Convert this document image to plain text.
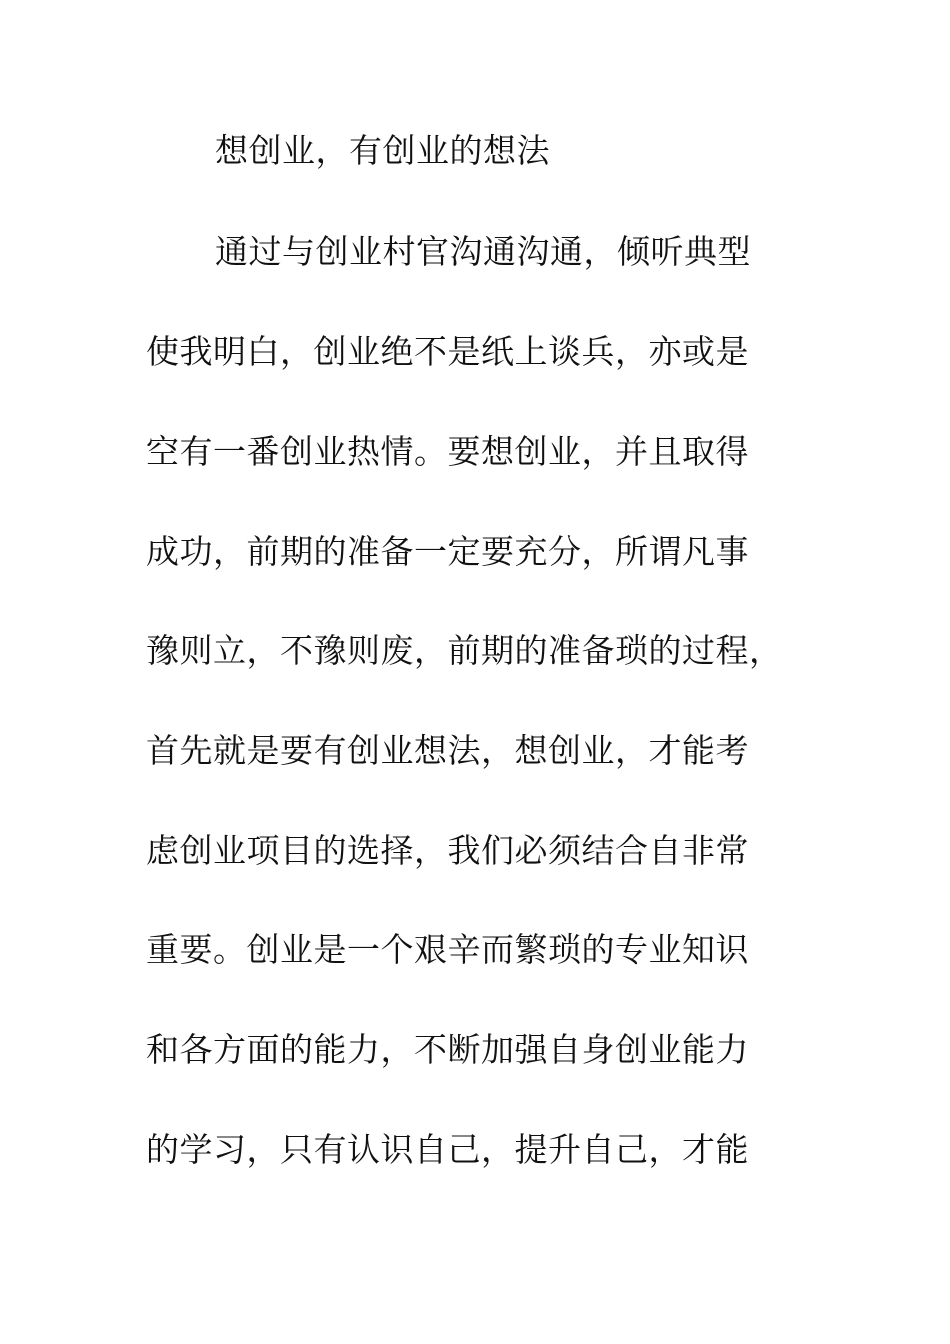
想创业，有创业的想法
通过与创业村官沟通沟通，倾听典型
使我明白，创业绝不是纸上谈兵，亦或是
空有一番创业热情。要想创业，并且取得
成功，前期的准备一定要充分，所谓凡事
豫则立，不豫则废，前期的准备琐的过程，
首先就是要有创业想法，想创业，才能考
虑创业项目的选择，我们必须结合自非常
重要。创业是一个艰辛而繁琐的专业知识
和各方面的能力，不断加强自身创业能力
的学习，只有认识自己，提升自己，才能
